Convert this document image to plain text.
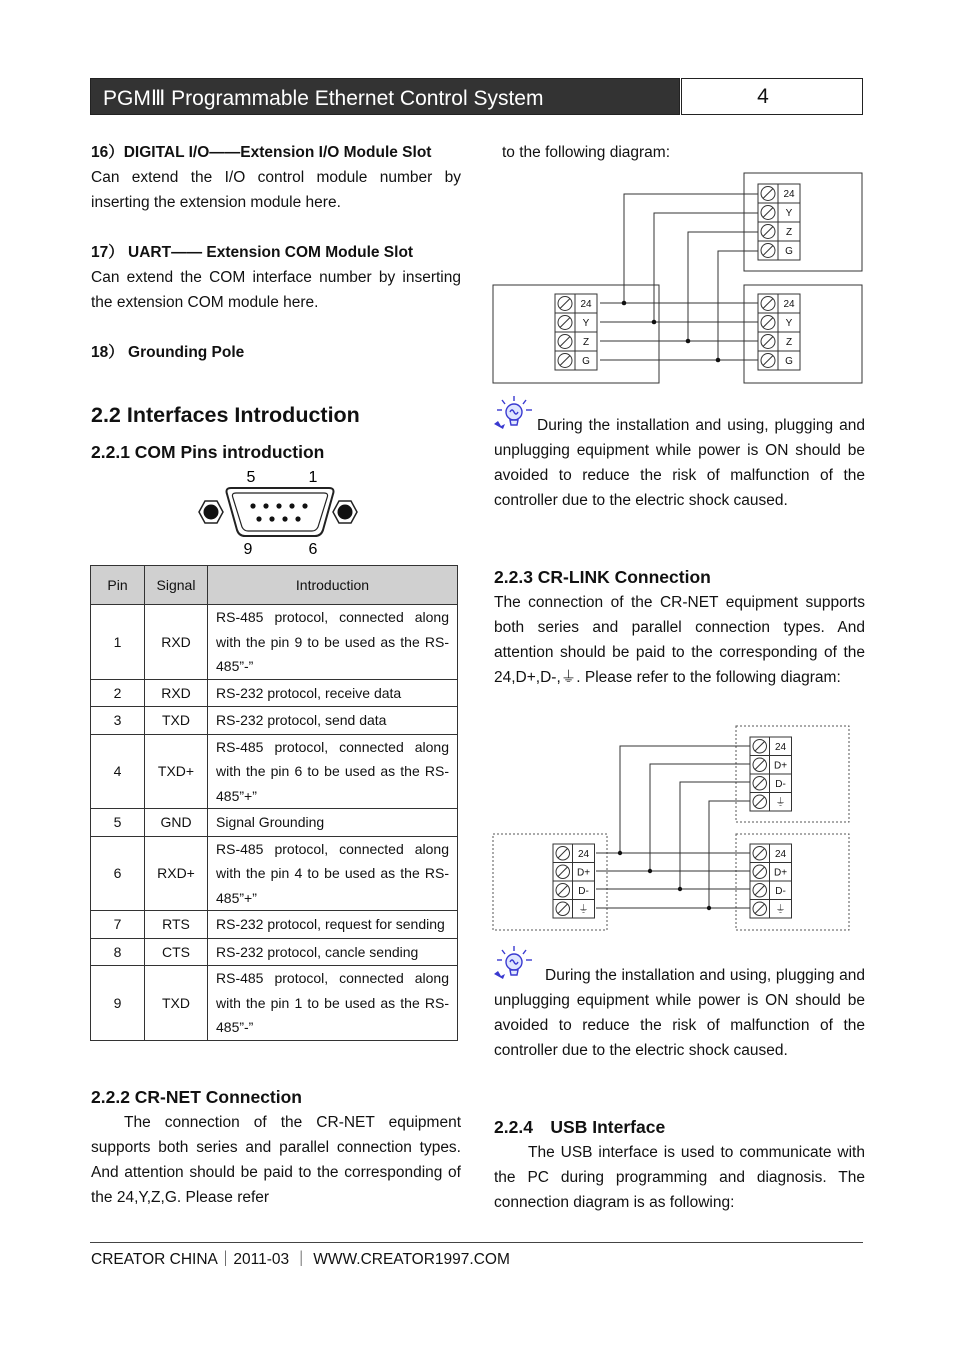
PGMⅢ Programmable Ethernet Control System	4
16）DIGITAL I/O——Extension I/O Module Slot
Can extend the I/O control module number by inserting the extension module here.
17） UART—— Extension COM Module Slot
Can extend the COM interface number by inserting the extension COM module here.
18） Grounding Pole
2.2 Interfaces Introduction
2.2.1 COM Pins introduction
5	1
9	6
Pin	Signal	Introduction
1	RXD	RS-485 protocol, connected along with the pin 9 to be used as the RS-485”-”
2	RXD	RS-232 protocol, receive data
3	TXD	RS-232 protocol, send data
4	TXD+	RS-485 protocol, connected along with the pin 6 to be used as the RS-485”+”
5	GND	Signal Grounding
6	RXD+	RS-485 protocol, connected along with the pin 4 to be used as the RS-485”+”
7	RTS	RS-232 protocol, request for sending
8	CTS	RS-232 protocol, cancle sending
9	TXD	RS-485 protocol, connected along with the pin 1 to be used as the RS-485”-”
2.2.2 CR-NET Connection
The connection of the CR-NET equipment supports both series and parallel connection types. And attention should be paid to the corresponding of the 24,Y,Z,G. Please refer
to the following diagram:
24
Y
Z
G
24
Y
Z
G
24
Y
Z
G
During the installation and using, plugging and unplugging equipment while power is ON should be avoided to reduce the risk of malfunction of the controller due to the electric shock caused.
2.2.3 CR-LINK Connection
The connection of the CR-NET equipment supports both series and parallel connection types. And attention should be paid to the corresponding of the 24,D+,D-,⏚. Please refer to the following diagram:
24
D+
D-
⏚
24
D+
D-
⏚
24
D+
D-
⏚
During the installation and using, plugging and unplugging equipment while power is ON should be avoided to reduce the risk of malfunction of the controller due to the electric shock caused.
2.2.4　USB Interface
The USB interface is used to communicate with the PC during programming and diagnosis. The connection diagram is as following:
CREATOR CHINA｜2011-03 ｜ WWW.CREATOR1997.COM
